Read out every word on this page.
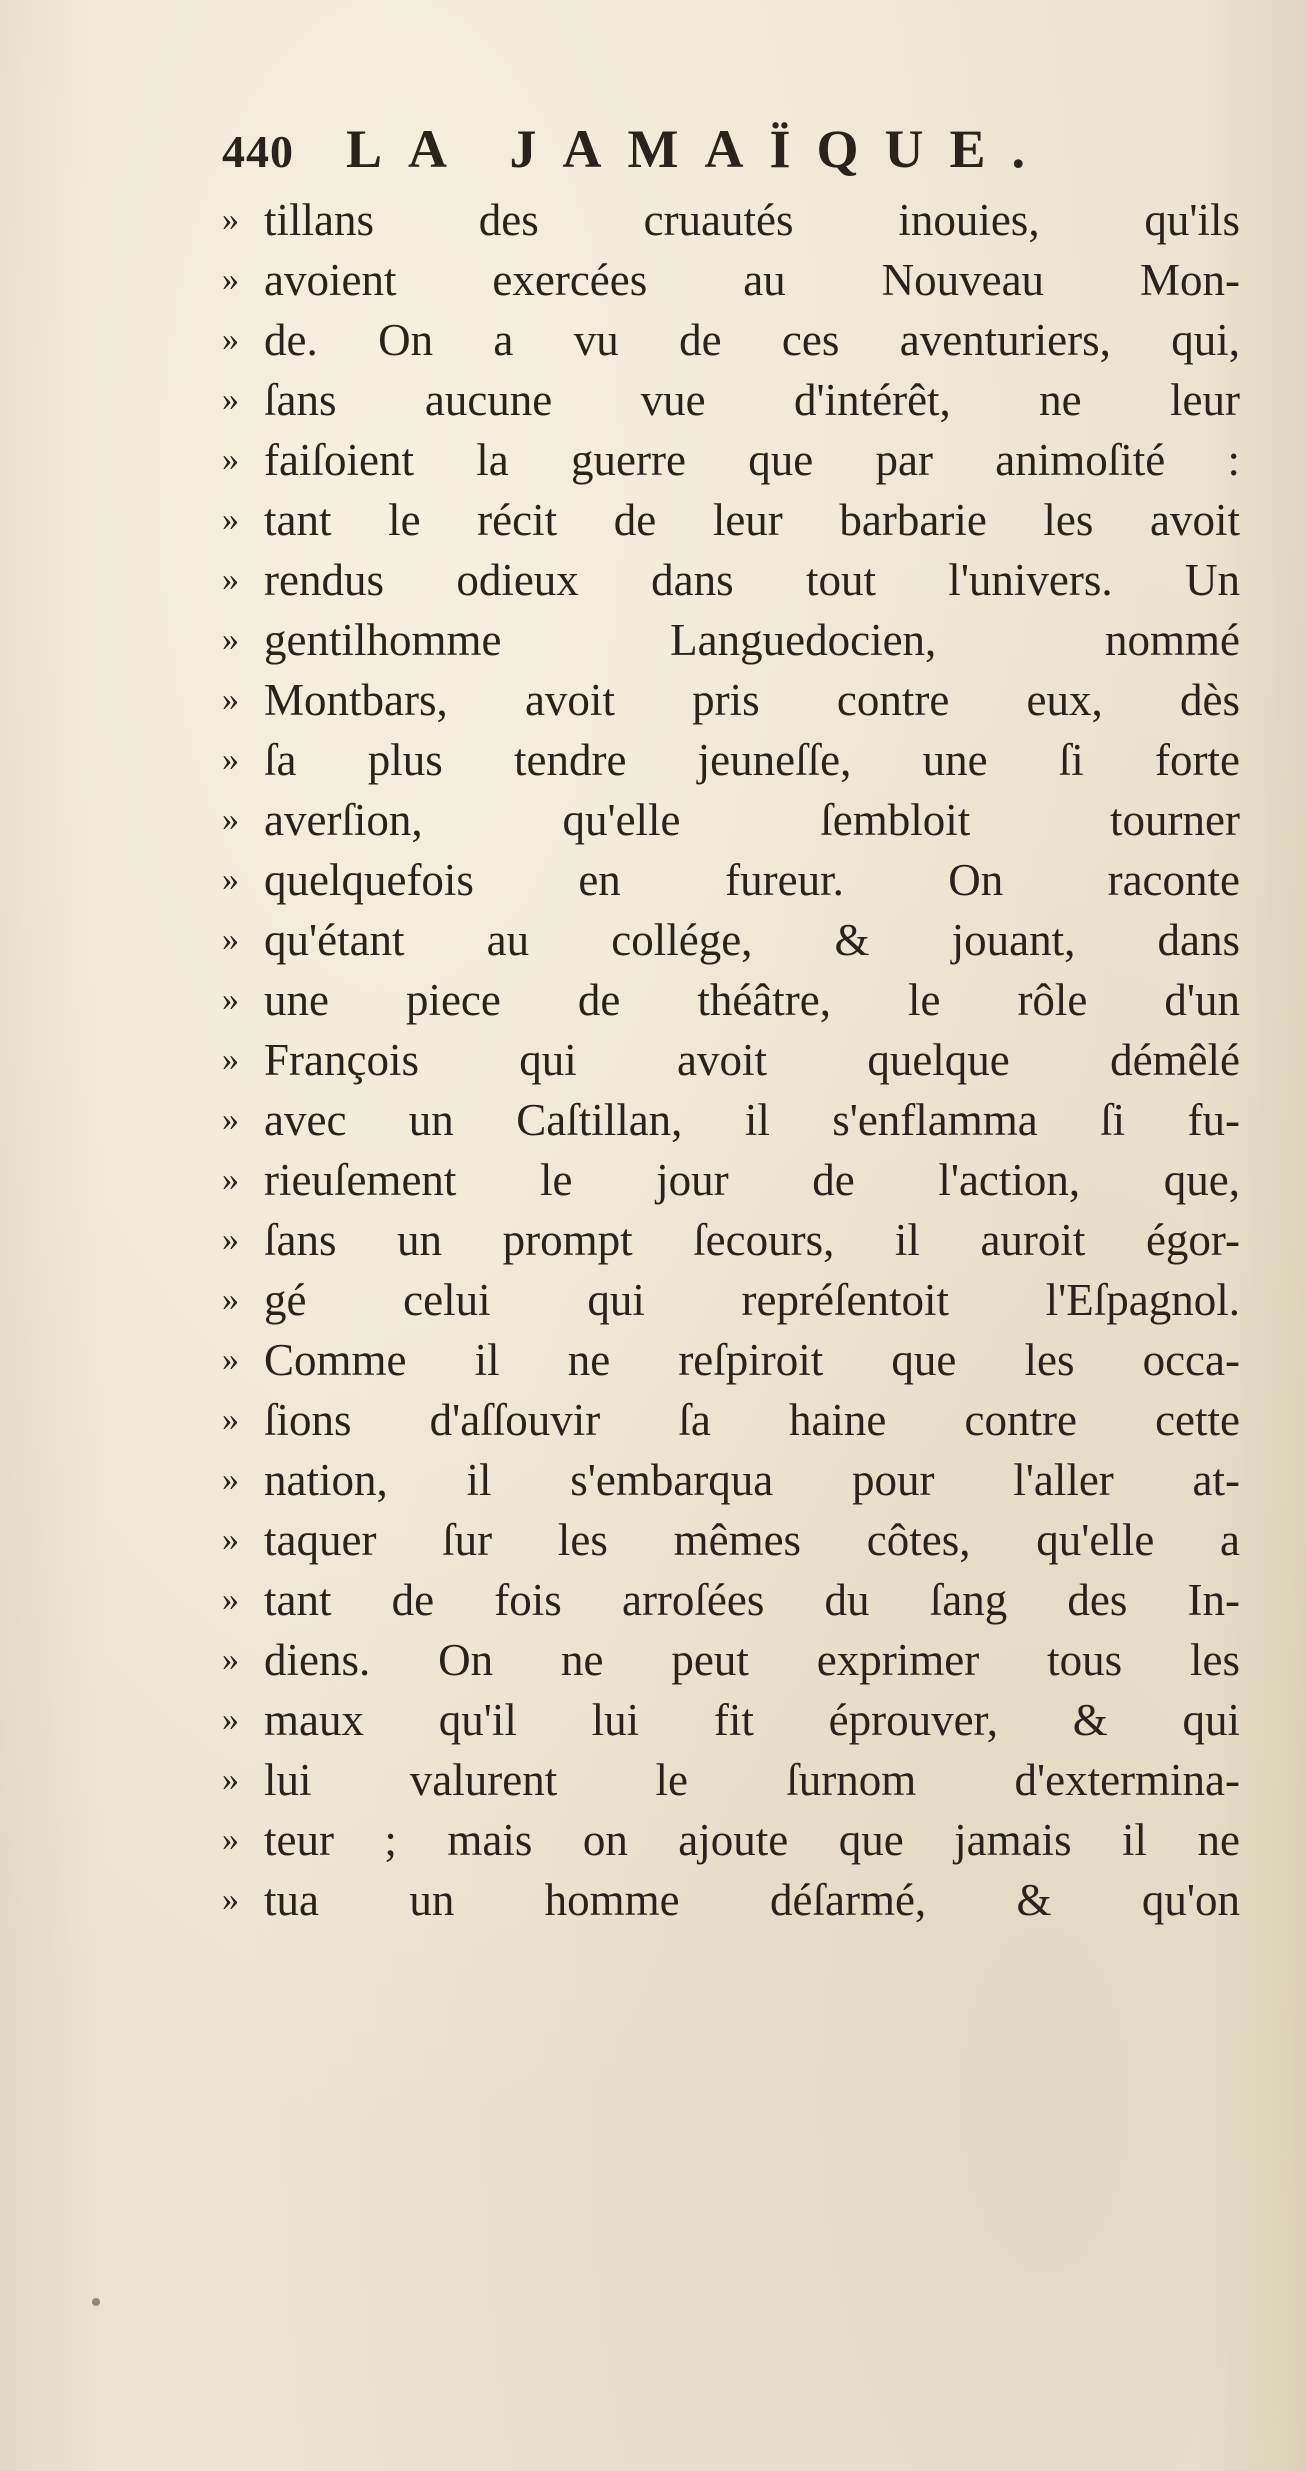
440 LA JAMAÏQUE.
» tillans des cruautés inouies, qu'ils
» avoient exercées au Nouveau Mon-
» de. On a vu de ces aventuriers, qui,
» ſans aucune vue d'intérêt, ne leur
» faiſoient la guerre que par animoſité :
» tant le récit de leur barbarie les avoit
» rendus odieux dans tout l'univers. Un
» gentilhomme Languedocien, nommé
» Montbars, avoit pris contre eux, dès
» ſa plus tendre jeuneſſe, une ſi forte
» averſion, qu'elle ſembloit tourner
» quelquefois en fureur. On raconte
» qu'étant au collége, & jouant, dans
» une piece de théâtre, le rôle d'un
» François qui avoit quelque démêlé
» avec un Caſtillan, il s'enflamma ſi fu-
» rieuſement le jour de l'action, que,
» ſans un prompt ſecours, il auroit égor-
» gé celui qui repréſentoit l'Eſpagnol.
» Comme il ne reſpiroit que les occa-
» ſions d'aſſouvir ſa haine contre cette
» nation, il s'embarqua pour l'aller at-
» taquer ſur les mêmes côtes, qu'elle a
» tant de fois arroſées du ſang des In-
» diens. On ne peut exprimer tous les
» maux qu'il lui fit éprouver, & qui
» lui valurent le ſurnom d'extermina-
» teur ; mais on ajoute que jamais il ne
» tua un homme déſarmé, & qu'on
